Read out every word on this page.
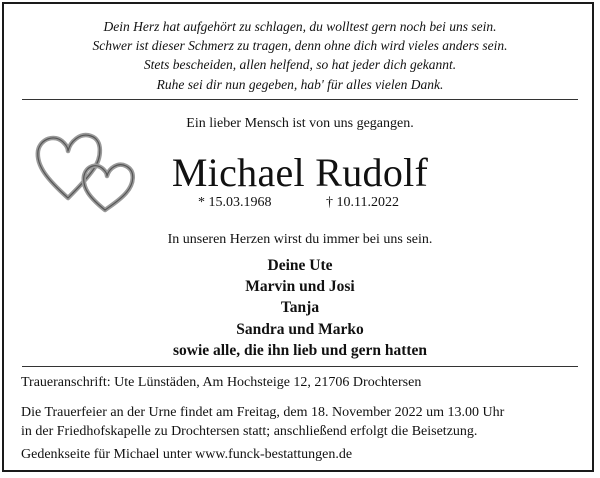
Dein Herz hat aufgehört zu schlagen, du wolltest gern noch bei uns sein.
Schwer ist dieser Schmerz zu tragen, denn ohne dich wird vieles anders sein.
Stets bescheiden, allen helfend, so hat jeder dich gekannt.
Ruhe sei dir nun gegeben, hab' für alles vielen Dank.
Ein lieber Mensch ist von uns gegangen.
Michael Rudolf
* 15.03.1968	† 10.11.2022
In unseren Herzen wirst du immer bei uns sein.
Deine Ute
Marvin und Josi
Tanja
Sandra und Marko
sowie alle, die ihn lieb und gern hatten
Traueranschrift: Ute Lünstäden, Am Hochsteige 12, 21706 Drochtersen
Die Trauerfeier an der Urne findet am Freitag, dem 18. November 2022 um 13.00 Uhr
in der Friedhofskapelle zu Drochtersen statt; anschließend erfolgt die Beisetzung.
Gedenkseite für Michael unter www.funck-bestattungen.de
